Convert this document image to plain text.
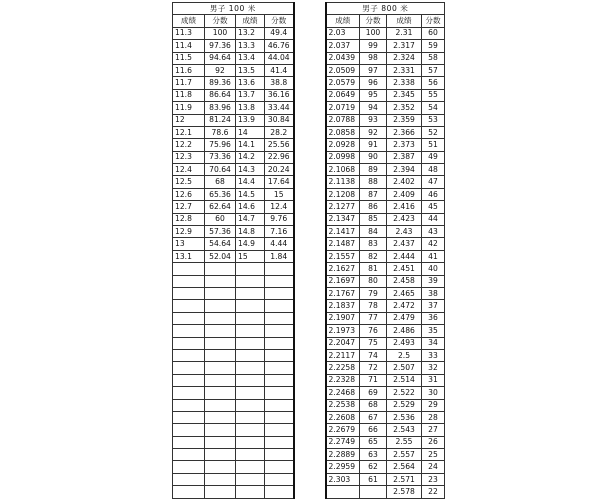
男子 100 米					男子 800 米			
成绩	分数	成绩	分数		成绩	分数	成绩	分数
11.3	100	13.2	49.4		2.03	100	2.31	60
11.4	97.36	13.3	46.76		2.037	99	2.317	59
11.5	94.64	13.4	44.04		2.0439	98	2.324	58
11.6	92	13.5	41.4		2.0509	97	2.331	57
11.7	89.36	13.6	38.8		2.0579	96	2.338	56
11.8	86.64	13.7	36.16		2.0649	95	2.345	55
11.9	83.96	13.8	33.44		2.0719	94	2.352	54
12	81.24	13.9	30.84		2.0788	93	2.359	53
12.1	78.6	14	28.2		2.0858	92	2.366	52
12.2	75.96	14.1	25.56		2.0928	91	2.373	51
12.3	73.36	14.2	22.96		2.0998	90	2.387	49
12.4	70.64	14.3	20.24		2.1068	89	2.394	48
12.5	68	14.4	17.64		2.1138	88	2.402	47
12.6	65.36	14.5	15		2.1208	87	2.409	46
12.7	62.64	14.6	12.4		2.1277	86	2.416	45
12.8	60	14.7	9.76		2.1347	85	2.423	44
12.9	57.36	14.8	7.16		2.1417	84	2.43	43
13	54.64	14.9	4.44		2.1487	83	2.437	42
13.1	52.04	15	1.84		2.1557	82	2.444	41
					2.1627	81	2.451	40
					2.1697	80	2.458	39
					2.1767	79	2.465	38
					2.1837	78	2.472	37
					2.1907	77	2.479	36
					2.1973	76	2.486	35
					2.2047	75	2.493	34
					2.2117	74	2.5	33
					2.2258	72	2.507	32
					2.2328	71	2.514	31
					2.2468	69	2.522	30
					2.2538	68	2.529	29
					2.2608	67	2.536	28
					2.2679	66	2.543	27
					2.2749	65	2.55	26
					2.2889	63	2.557	25
					2.2959	62	2.564	24
					2.303	61	2.571	23
							2.578	22
